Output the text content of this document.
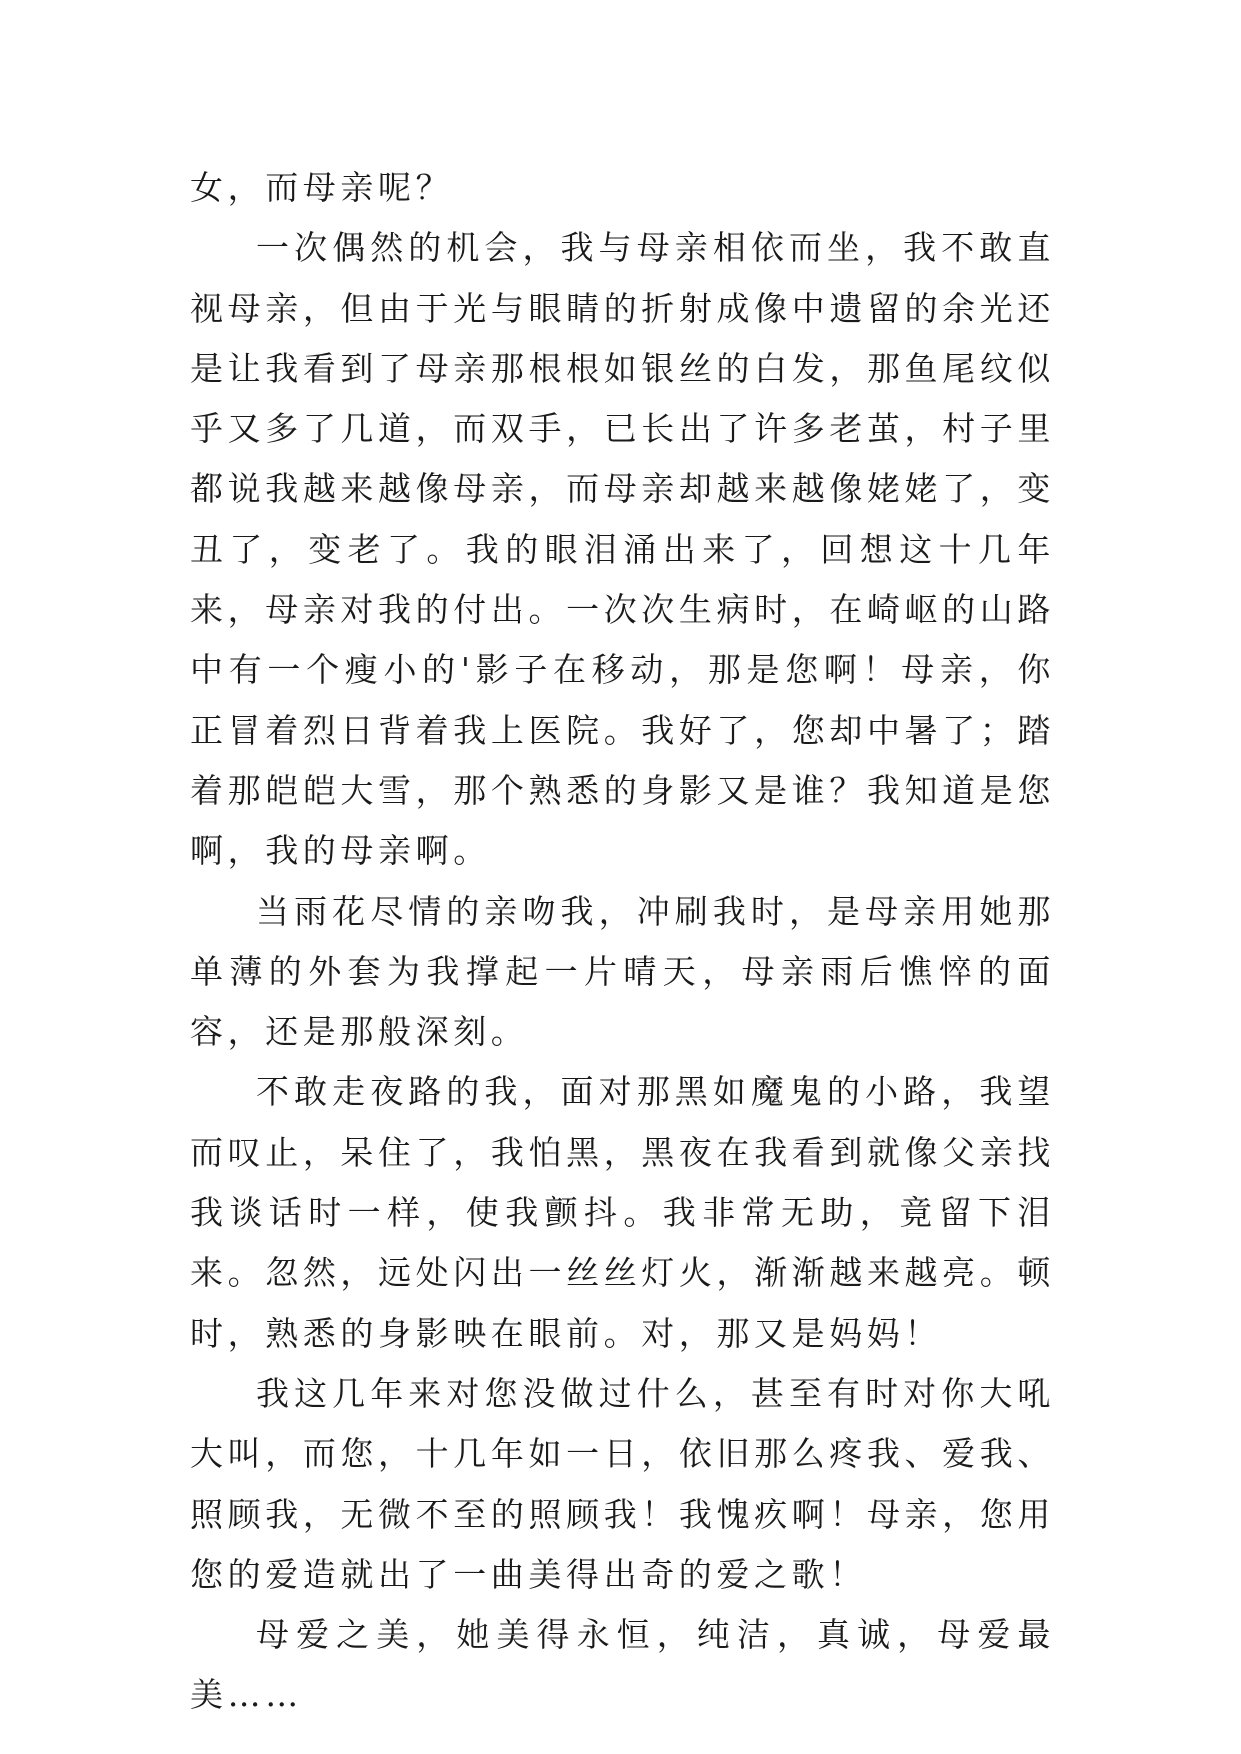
女，而母亲呢？

一次偶然的机会，我与母亲相依而坐，我不敢直视母亲，但由于光与眼睛的折射成像中遗留的余光还是让我看到了母亲那根根如银丝的白发，那鱼尾纹似乎又多了几道，而双手，已长出了许多老茧，村子里都说我越来越像母亲，而母亲却越来越像姥姥了，变丑了，变老了。我的眼泪涌出来了，回想这十几年来，母亲对我的付出。一次次生病时，在崎岖的山路中有一个瘦小的'影子在移动，那是您啊！母亲，你正冒着烈日背着我上医院。我好了，您却中暑了；踏着那皑皑大雪，那个熟悉的身影又是谁？我知道是您啊，我的母亲啊。

当雨花尽情的亲吻我，冲刷我时，是母亲用她那单薄的外套为我撑起一片晴天，母亲雨后憔悴的面容，还是那般深刻。

不敢走夜路的我，面对那黑如魔鬼的小路，我望而叹止，呆住了，我怕黑，黑夜在我看到就像父亲找我谈话时一样，使我颤抖。我非常无助，竟留下泪来。忽然，远处闪出一丝丝灯火，渐渐越来越亮。顿时，熟悉的身影映在眼前。对，那又是妈妈！

我这几年来对您没做过什么，甚至有时对你大吼大叫，而您，十几年如一日，依旧那么疼我、爱我、照顾我，无微不至的照顾我！我愧疚啊！母亲，您用您的爱造就出了一曲美得出奇的爱之歌！

母爱之美，她美得永恒，纯洁，真诚，母爱最美……
